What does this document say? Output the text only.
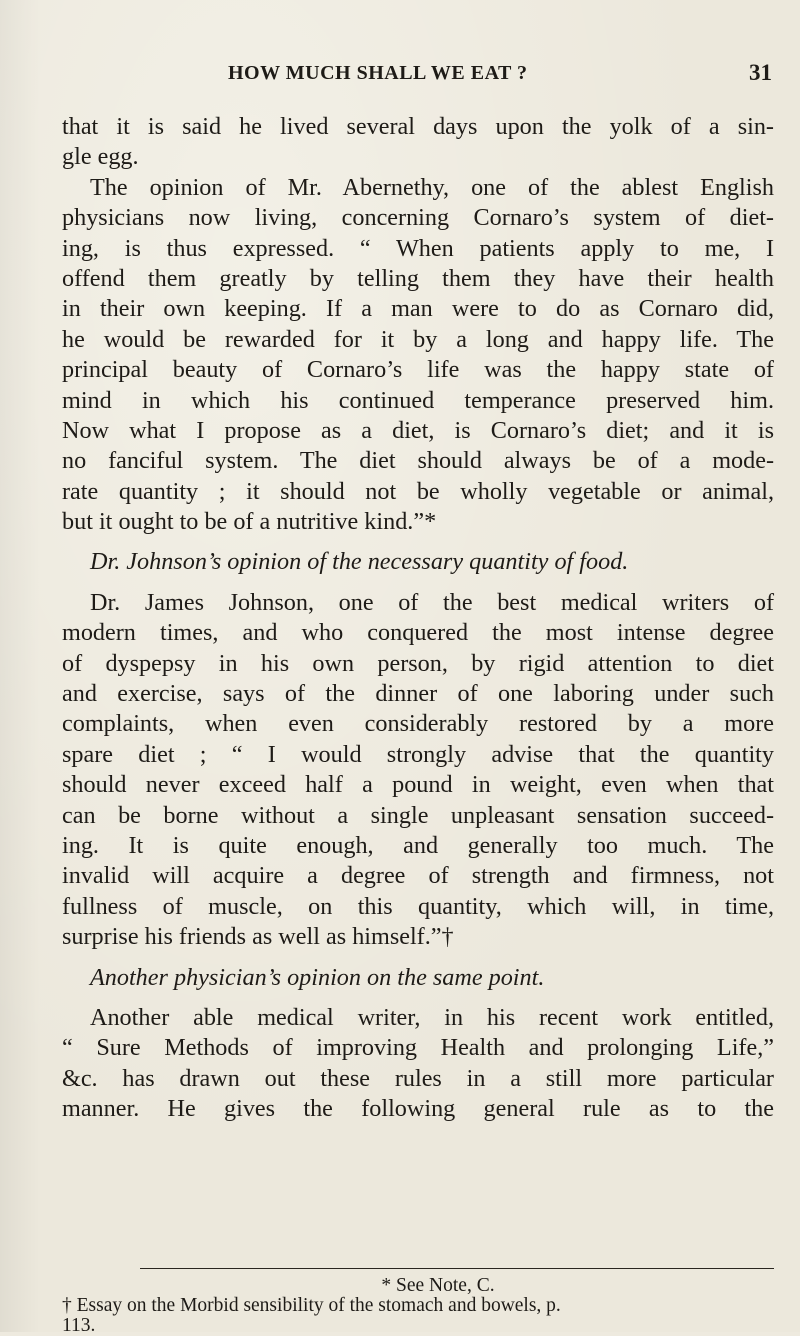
HOW MUCH SHALL WE EAT ?	31
that it is said he lived several days upon the yolk of a sin-
gle egg.
The opinion of Mr. Abernethy, one of the ablest English
physicians now living, concerning Cornaro’s system of diet-
ing, is thus expressed. “ When patients apply to me, I
offend them greatly by telling them they have their health
in their own keeping. If a man were to do as Cornaro did,
he would be rewarded for it by a long and happy life. The
principal beauty of Cornaro’s life was the happy state of
mind in which his continued temperance preserved him.
Now what I propose as a diet, is Cornaro’s diet; and it is
no fanciful system. The diet should always be of a mode-
rate quantity ; it should not be wholly vegetable or animal,
but it ought to be of a nutritive kind.”*
Dr. Johnson’s opinion of the necessary quantity of food.
Dr. James Johnson, one of the best medical writers of
modern times, and who conquered the most intense degree
of dyspepsy in his own person, by rigid attention to diet
and exercise, says of the dinner of one laboring under such
complaints, when even considerably restored by a more
spare diet ; “ I would strongly advise that the quantity
should never exceed half a pound in weight, even when that
can be borne without a single unpleasant sensation succeed-
ing. It is quite enough, and generally too much. The
invalid will acquire a degree of strength and firmness, not
fullness of muscle, on this quantity, which will, in time,
surprise his friends as well as himself.”†
Another physician’s opinion on the same point.
Another able medical writer, in his recent work entitled,
“ Sure Methods of improving Health and prolonging Life,”
&c. has drawn out these rules in a still more particular
manner. He gives the following general rule as to the
* See Note, C.
† Essay on the Morbid sensibility of the stomach and bowels, p.
113.
